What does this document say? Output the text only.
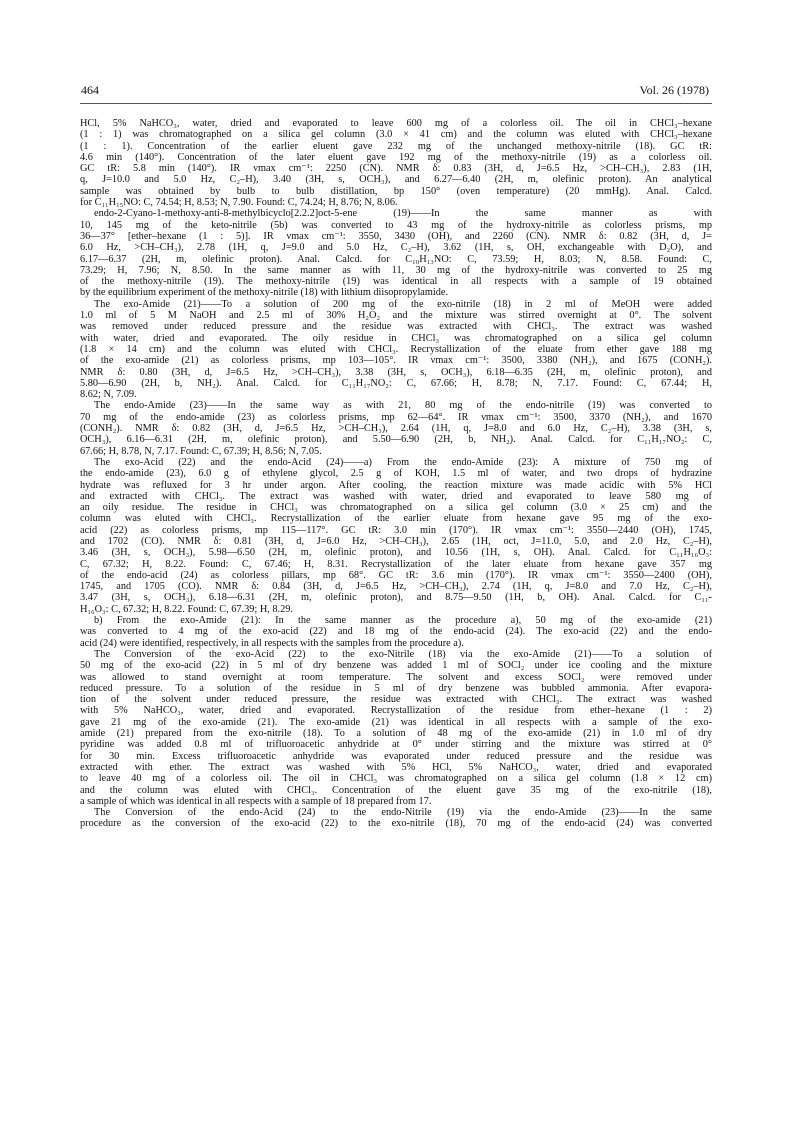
464	Vol. 26 (1978)
HCl, 5% NaHCO₃, water, dried and evaporated to leave 600 mg of a colorless oil. The oil in CHCl₃–hexane
(1 : 1) was chromatographed on a silica gel column (3.0 × 41 cm) and the column was eluted with CHCl₃–hexane
(1 : 1). Concentration of the earlier eluent gave 232 mg of the unchanged methoxy-nitrile (18). GC tR:
4.6 min (140°). Concentration of the later eluent gave 192 mg of the methoxy-nitrile (19) as a colorless oil.
GC tR: 5.8 min (140°). IR νmax cm⁻¹: 2250 (CN). NMR δ: 0.83 (3H, d, J=6.5 Hz, >CH–CH₃), 2.83 (1H,
q, J=10.0 and 5.0 Hz, C₂–H), 3.40 (3H, s, OCH₃), and 6.27—6.40 (2H, m, olefinic proton). An analytical
sample was obtained by bulb to bulb distillation, bp 150° (oven temperature) (20 mmHg). Anal. Calcd.
for C₁₁H₁₅NO: C, 74.54; H, 8.53; N, 7.90. Found: C, 74.24; H, 8.76; N, 8.06.
endo-2-Cyano-1-methoxy-anti-8-methylbicyclo[2.2.2]oct-5-ene (19)——In the same manner as with
10, 145 mg of the keto-nitrile (5b) was converted to 43 mg of the hydroxy-nitrile as colorless prisms, mp
36—37° [ether–hexane (1 : 5)]. IR νmax cm⁻¹: 3550, 3430 (OH), and 2260 (CN). NMR δ: 0.82 (3H, d, J=
6.0 Hz, >CH–CH₃), 2.78 (1H, q, J=9.0 and 5.0 Hz, C₂–H), 3.62 (1H, s, OH, exchangeable with D₂O), and
6.17—6.37 (2H, m, olefinic proton). Anal. Calcd. for C₁₀H₁₃NO: C, 73.59; H, 8.03; N, 8.58. Found: C,
73.29; H, 7.96; N, 8.50. In the same manner as with 11, 30 mg of the hydroxy-nitrile was converted to 25 mg
of the methoxy-nitrile (19). The methoxy-nitrile (19) was identical in all respects with a sample of 19 obtained
by the equilibrium experiment of the methoxy-nitrile (18) with lithium diisopropylamide.
The exo-Amide (21)——To a solution of 200 mg of the exo-nitrile (18) in 2 ml of MeOH were added
1.0 ml of 5 M NaOH and 2.5 ml of 30% H₂O₂ and the mixture was stirred overnight at 0°. The solvent
was removed under reduced pressure and the residue was extracted with CHCl₃. The extract was washed
with water, dried and evaporated. The oily residue in CHCl₃ was chromatographed on a silica gel column
(1.8 × 14 cm) and the column was eluted with CHCl₃. Recrystallization of the eluate from ether gave 188 mg
of the exo-amide (21) as colorless prisms, mp 103—105°. IR νmax cm⁻¹: 3500, 3380 (NH₂), and 1675 (CONH₂).
NMR δ: 0.80 (3H, d, J=6.5 Hz, >CH–CH₃), 3.38 (3H, s, OCH₃), 6.18—6.35 (2H, m, olefinic proton), and
5.80—6.90 (2H, b, NH₂). Anal. Calcd. for C₁₁H₁₇NO₂: C, 67.66; H, 8.78; N, 7.17. Found: C, 67.44; H,
8.62; N, 7.09.
The endo-Amide (23)——In the same way as with 21, 80 mg of the endo-nitrile (19) was converted to
70 mg of the endo-amide (23) as colorless prisms, mp 62—64°. IR νmax cm⁻¹: 3500, 3370 (NH₂), and 1670
(CONH₂). NMR δ: 0.82 (3H, d, J=6.5 Hz, >CH–CH₃), 2.64 (1H, q, J=8.0 and 6.0 Hz, C₂–H), 3.38 (3H, s,
OCH₃), 6.16—6.31 (2H, m, olefinic proton), and 5.50—6.90 (2H, b, NH₂). Anal. Calcd. for C₁₁H₁₇NO₂: C,
67.66; H, 8.78, N, 7.17. Found: C, 67.39; H, 8.56; N, 7.05.
The exo-Acid (22) and the endo-Acid (24)——a) From the endo-Amide (23): A mixture of 750 mg of
the endo-amide (23), 6.0 g of ethylene glycol, 2.5 g of KOH, 1.5 ml of water, and two drops of hydrazine
hydrate was refluxed for 3 hr under argon. After cooling, the reaction mixture was made acidic with 5% HCl
and extracted with CHCl₃. The extract was washed with water, dried and evaporated to leave 580 mg of
an oily residue. The residue in CHCl₃ was chromatographed on a silica gel column (3.0 × 25 cm) and the
column was eluted with CHCl₃. Recrystallization of the earlier eluate from hexane gave 95 mg of the exo-
acid (22) as colorless prisms, mp 115—117°. GC tR: 3.0 min (170°). IR νmax cm⁻¹: 3550—2440 (OH), 1745,
and 1702 (CO). NMR δ: 0.81 (3H, d, J=6.0 Hz, >CH–CH₃), 2.65 (1H, oct, J=11.0, 5.0, and 2.0 Hz, C₂–H),
3.46 (3H, s, OCH₃), 5.98—6.50 (2H, m, olefinic proton), and 10.56 (1H, s, OH). Anal. Calcd. for C₁₁H₁₆O₃:
C, 67.32; H, 8.22. Found: C, 67.46; H, 8.31. Recrystallization of the later eluate from hexane gave 357 mg
of the endo-acid (24) as colorless pillars, mp 68°. GC tR: 3.6 min (170°). IR νmax cm⁻¹: 3550—2400 (OH),
1745, and 1705 (CO). NMR δ: 0.84 (3H, d, J=6.5 Hz, >CH–CH₃), 2.74 (1H, q, J=8.0 and 7.0 Hz, C₂–H),
3.47 (3H, s, OCH₃), 6.18—6.31 (2H, m, olefinic proton), and 8.75—9.50 (1H, b, OH). Anal. Calcd. for C₁₁-
H₁₆O₃: C, 67.32; H, 8.22. Found: C, 67.39; H, 8.29.
b) From the exo-Amide (21): In the same manner as the procedure a), 50 mg of the exo-amide (21)
was converted to 4 mg of the exo-acid (22) and 18 mg of the endo-acid (24). The exo-acid (22) and the endo-
acid (24) were identified, respectively, in all respects with the samples from the procedure a).
The Conversion of the exo-Acid (22) to the exo-Nitrile (18) via the exo-Amide (21)——To a solution of
50 mg of the exo-acid (22) in 5 ml of dry benzene was added 1 ml of SOCl₂ under ice cooling and the mixture
was allowed to stand overnight at room temperature. The solvent and excess SOCl₂ were removed under
reduced pressure. To a solution of the residue in 5 ml of dry benzene was bubbled ammonia. After evapora-
tion of the solvent under reduced pressure, the residue was extracted with CHCl₃. The extract was washed
with 5% NaHCO₃, water, dried and evaporated. Recrystallization of the residue from ether–hexane (1 : 2)
gave 21 mg of the exo-amide (21). The exo-amide (21) was identical in all respects with a sample of the exo-
amide (21) prepared from the exo-nitrile (18). To a solution of 48 mg of the exo-amide (21) in 1.0 ml of dry
pyridine was added 0.8 ml of trifluoroacetic anhydride at 0° under stirring and the mixture was stirred at 0°
for 30 min. Excess trifluoroacetic anhydride was evaporated under reduced pressure and the residue was
extracted with ether. The extract was washed with 5% HCl, 5% NaHCO₃, water, dried and evaporated
to leave 40 mg of a colorless oil. The oil in CHCl₃ was chromatographed on a silica gel column (1.8 × 12 cm)
and the column was eluted with CHCl₃. Concentration of the eluent gave 35 mg of the exo-nitrile (18),
a sample of which was identical in all respects with a sample of 18 prepared from 17.
The Conversion of the endo-Acid (24) to the endo-Nitrile (19) via the endo-Amide (23)——In the same
procedure as the conversion of the exo-acid (22) to the exo-nitrile (18), 70 mg of the endo-acid (24) was converted
